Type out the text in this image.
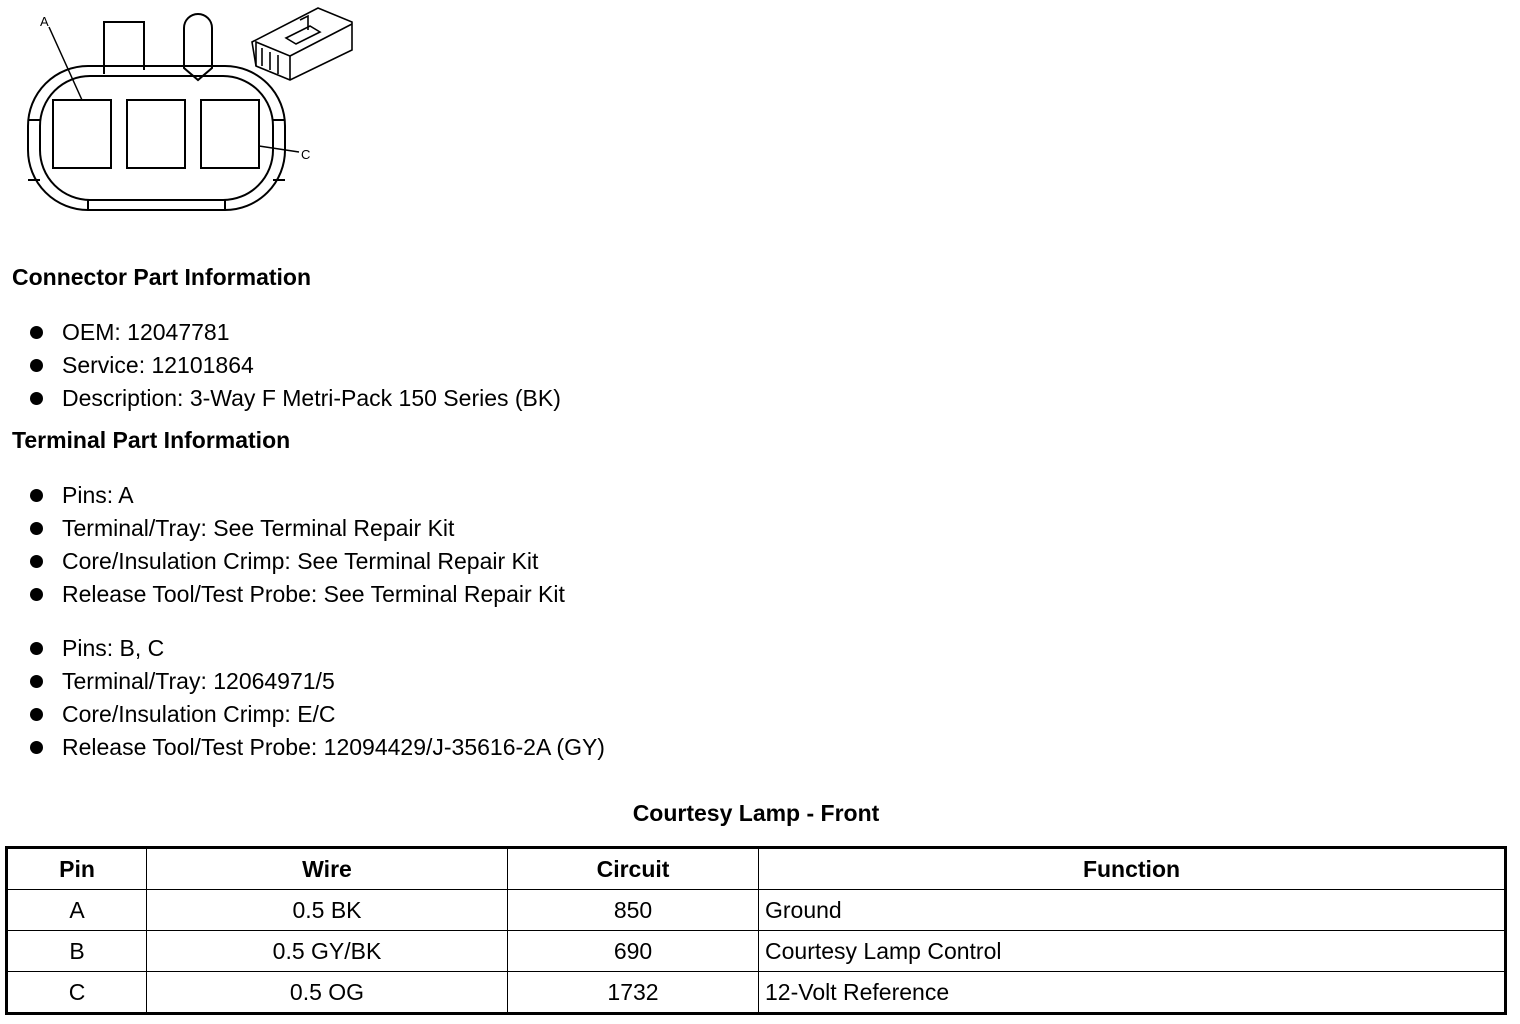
A
C
Connector Part Information
OEM: 12047781
Service: 12101864
Description: 3-Way F Metri-Pack 150 Series (BK)
Terminal Part Information
Pins: A
Terminal/Tray: See Terminal Repair Kit
Core/Insulation Crimp: See Terminal Repair Kit
Release Tool/Test Probe: See Terminal Repair Kit
Pins: B, C
Terminal/Tray: 12064971/5
Core/Insulation Crimp: E/C
Release Tool/Test Probe: 12094429/J-35616-2A (GY)
Courtesy Lamp - Front
Pin	Wire	Circuit	Function
A	0.5 BK	850	Ground
B	0.5 GY/BK	690	Courtesy Lamp Control
C	0.5 OG	1732	12-Volt Reference
